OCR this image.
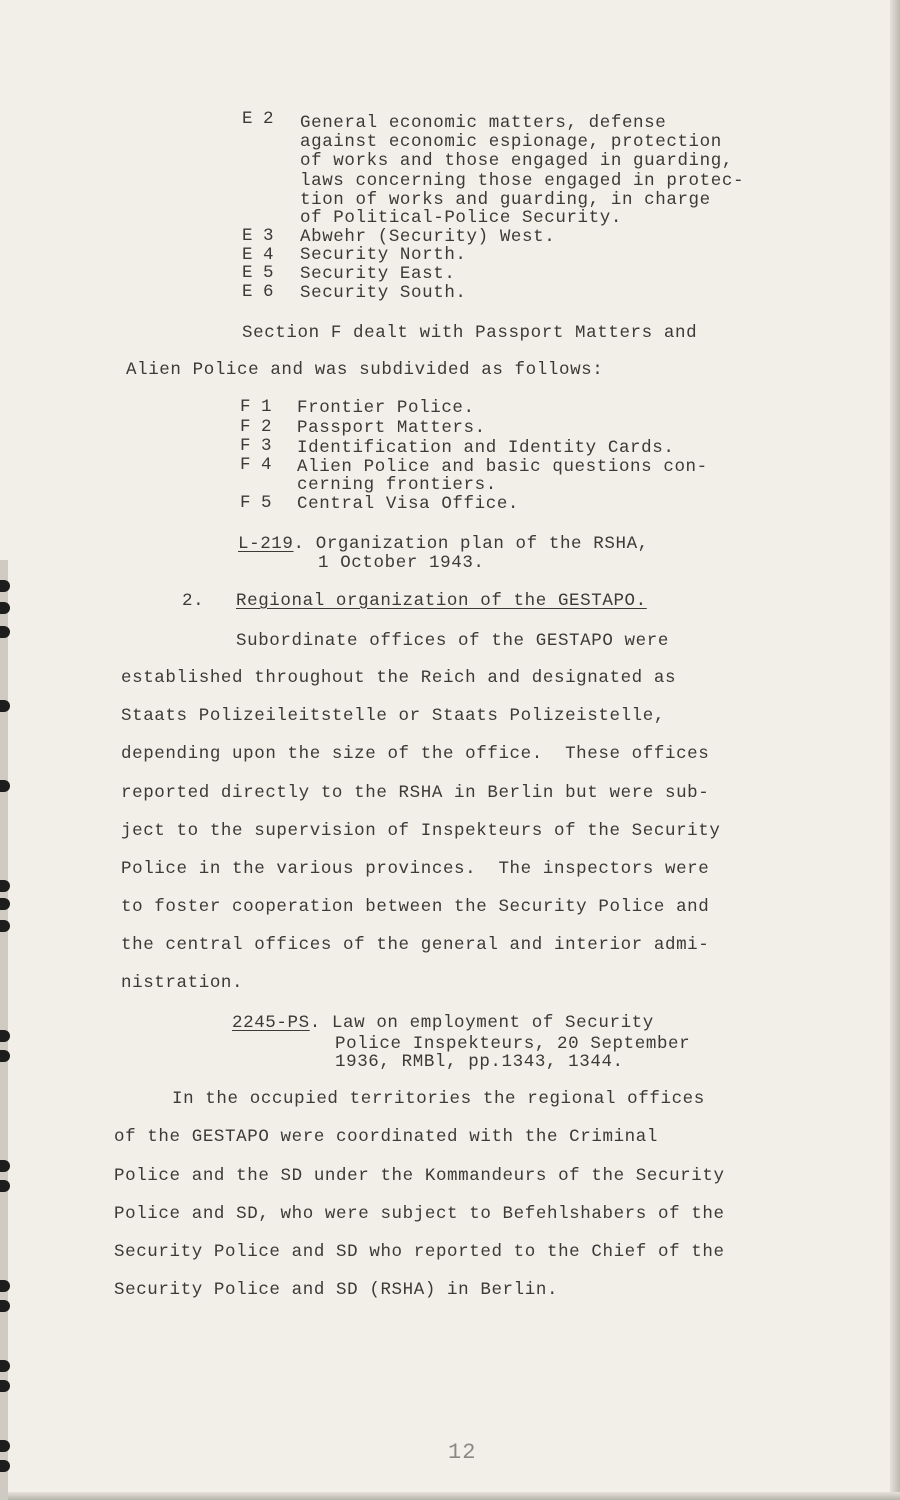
E 2 General economic matters, defense
against economic espionage, protection
of works and those engaged in guarding,
laws concerning those engaged in protec-
tion of works and guarding, in charge
of Political-Police Security.
E 3 Abwehr (Security) West.
E 4 Security North.
E 5 Security East.
E 6 Security South.
Section F dealt with Passport Matters and
Alien Police and was subdivided as follows:
F 1 Frontier Police.
F 2 Passport Matters.
F 3 Identification and Identity Cards.
F 4 Alien Police and basic questions con-
cerning frontiers.
F 5 Central Visa Office.
L-219. Organization plan of the RSHA,
1 October 1943.
2. Regional organization of the GESTAPO.
Subordinate offices of the GESTAPO were
established throughout the Reich and designated as
Staats Polizeileitstelle or Staats Polizeistelle,
depending upon the size of the office.  These offices
reported directly to the RSHA in Berlin but were sub-
ject to the supervision of Inspekteurs of the Security
Police in the various provinces.  The inspectors were
to foster cooperation between the Security Police and
the central offices of the general and interior admi-
nistration.
2245-PS. Law on employment of Security
Police Inspekteurs, 20 September
1936, RMBl, pp.1343, 1344.
In the occupied territories the regional offices
of the GESTAPO were coordinated with the Criminal
Police and the SD under the Kommandeurs of the Security
Police and SD, who were subject to Befehlshabers of the
Security Police and SD who reported to the Chief of the
Security Police and SD (RSHA) in Berlin.
12
